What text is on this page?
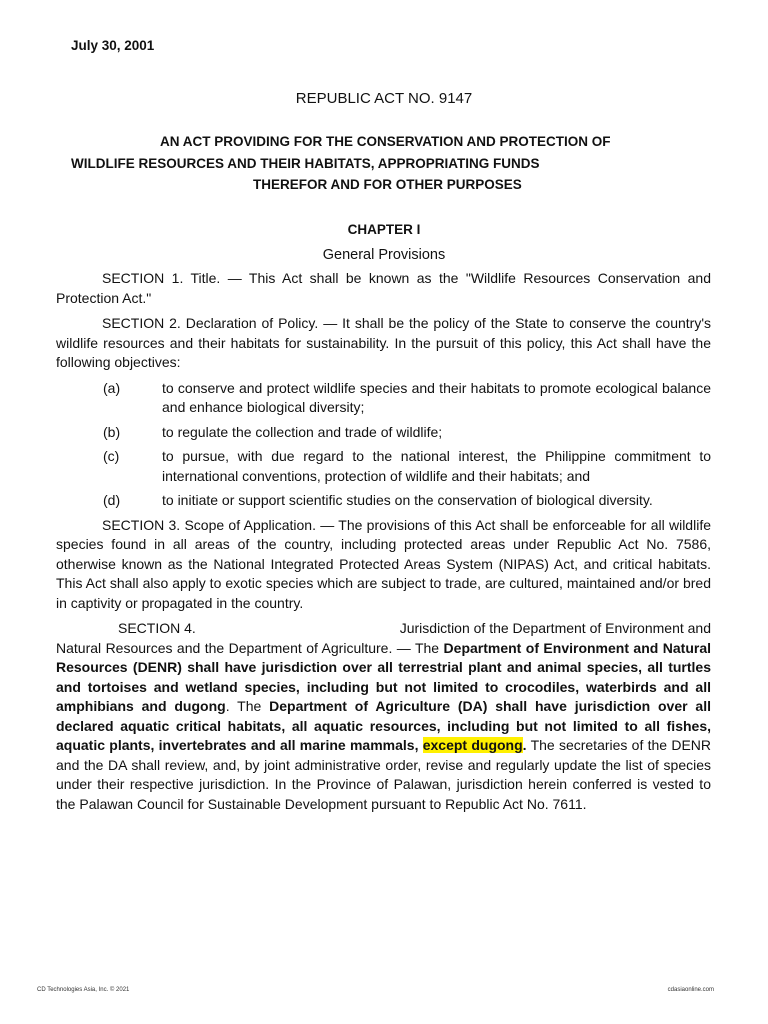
July 30, 2001
REPUBLIC ACT NO. 9147
AN ACT PROVIDING FOR THE CONSERVATION AND PROTECTION OF
WILDLIFE RESOURCES AND THEIR HABITATS, APPROPRIATING FUNDS
THEREFOR AND FOR OTHER PURPOSES
CHAPTER I
General Provisions

SECTION 1. Title. — This Act shall be known as the "Wildlife Resources Conservation and Protection Act."

SECTION 2. Declaration of Policy. — It shall be the policy of the State to conserve the country's wildlife resources and their habitats for sustainability. In the pursuit of this policy, this Act shall have the following objectives:

(a)	to conserve and protect wildlife species and their habitats to promote ecological balance and enhance biological diversity;
(b)	to regulate the collection and trade of wildlife;
(c)	to pursue, with due regard to the national interest, the Philippine commitment to international conventions, protection of wildlife and their habitats; and
(d)	to initiate or support scientific studies on the conservation of biological diversity.

SECTION 3. Scope of Application. — The provisions of this Act shall be enforceable for all wildlife species found in all areas of the country, including protected areas under Republic Act No. 7586, otherwise known as the National Integrated Protected Areas System (NIPAS) Act, and critical habitats. This Act shall also apply to exotic species which are subject to trade, are cultured, maintained and/or bred in captivity or propagated in the country.

SECTION 4.	Jurisdiction of the Department of Environment and

Natural Resources and the Department of Agriculture. — The Department of Environment and Natural Resources (DENR) shall have jurisdiction over all terrestrial plant and animal species, all turtles and tortoises and wetland species, including but not limited to crocodiles, waterbirds and all amphibians and dugong. The Department of Agriculture (DA) shall have jurisdiction over all declared aquatic critical habitats, all aquatic resources, including but not limited to all fishes, aquatic plants, invertebrates and all marine mammals, except dugong. The secretaries of the DENR and the DA shall review, and, by joint administrative order, revise and regularly update the list of species under their respective jurisdiction. In the Province of Palawan, jurisdiction herein conferred is vested to the Palawan Council for Sustainable Development pursuant to Republic Act No. 7611.

CD Technologies Asia, Inc. © 2021	cdasiaonline.com
